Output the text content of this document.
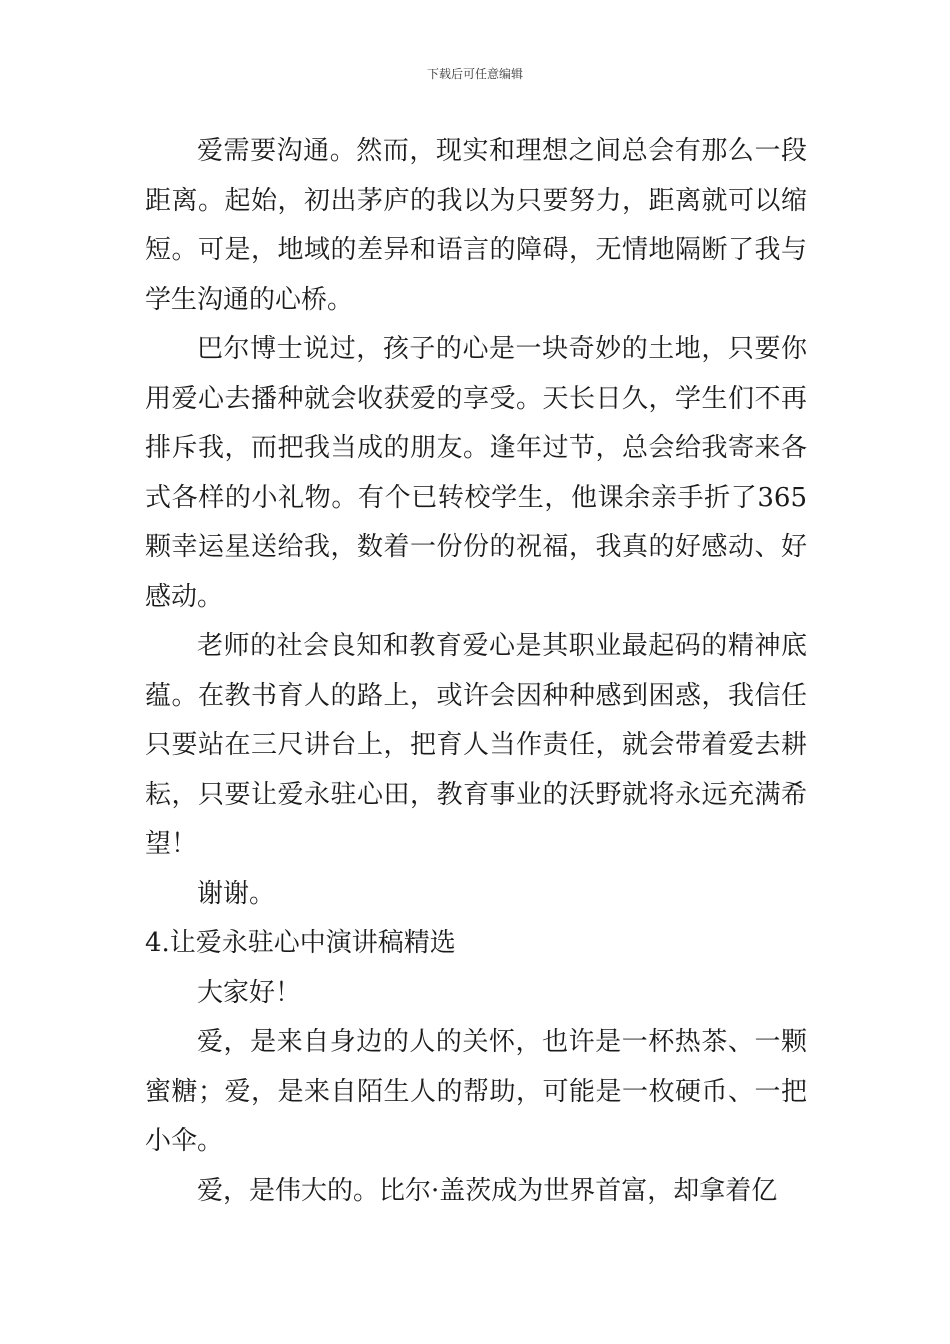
下载后可任意编辑

爱需要沟通。然而，现实和理想之间总会有那么一段距离。起始，初出茅庐的我以为只要努力，距离就可以缩短。可是，地域的差异和语言的障碍，无情地隔断了我与学生沟通的心桥。

巴尔博士说过，孩子的心是一块奇妙的土地，只要你用爱心去播种就会收获爱的享受。天长日久，学生们不再排斥我，而把我当成的朋友。逢年过节，总会给我寄来各式各样的小礼物。有个已转校学生，他课余亲手折了365颗幸运星送给我，数着一份份的祝福，我真的好感动、好感动。

老师的社会良知和教育爱心是其职业最起码的精神底蕴。在教书育人的路上，或许会因种种感到困惑，我信任只要站在三尺讲台上，把育人当作责任，就会带着爱去耕耘，只要让爱永驻心田，教育事业的沃野就将永远充满希望！

谢谢。

4.让爱永驻心中演讲稿精选

大家好！

爱，是来自身边的人的关怀，也许是一杯热茶、一颗蜜糖；爱，是来自陌生人的帮助，可能是一枚硬币、一把小伞。

爱，是伟大的。比尔·盖茨成为世界首富，却拿着亿
